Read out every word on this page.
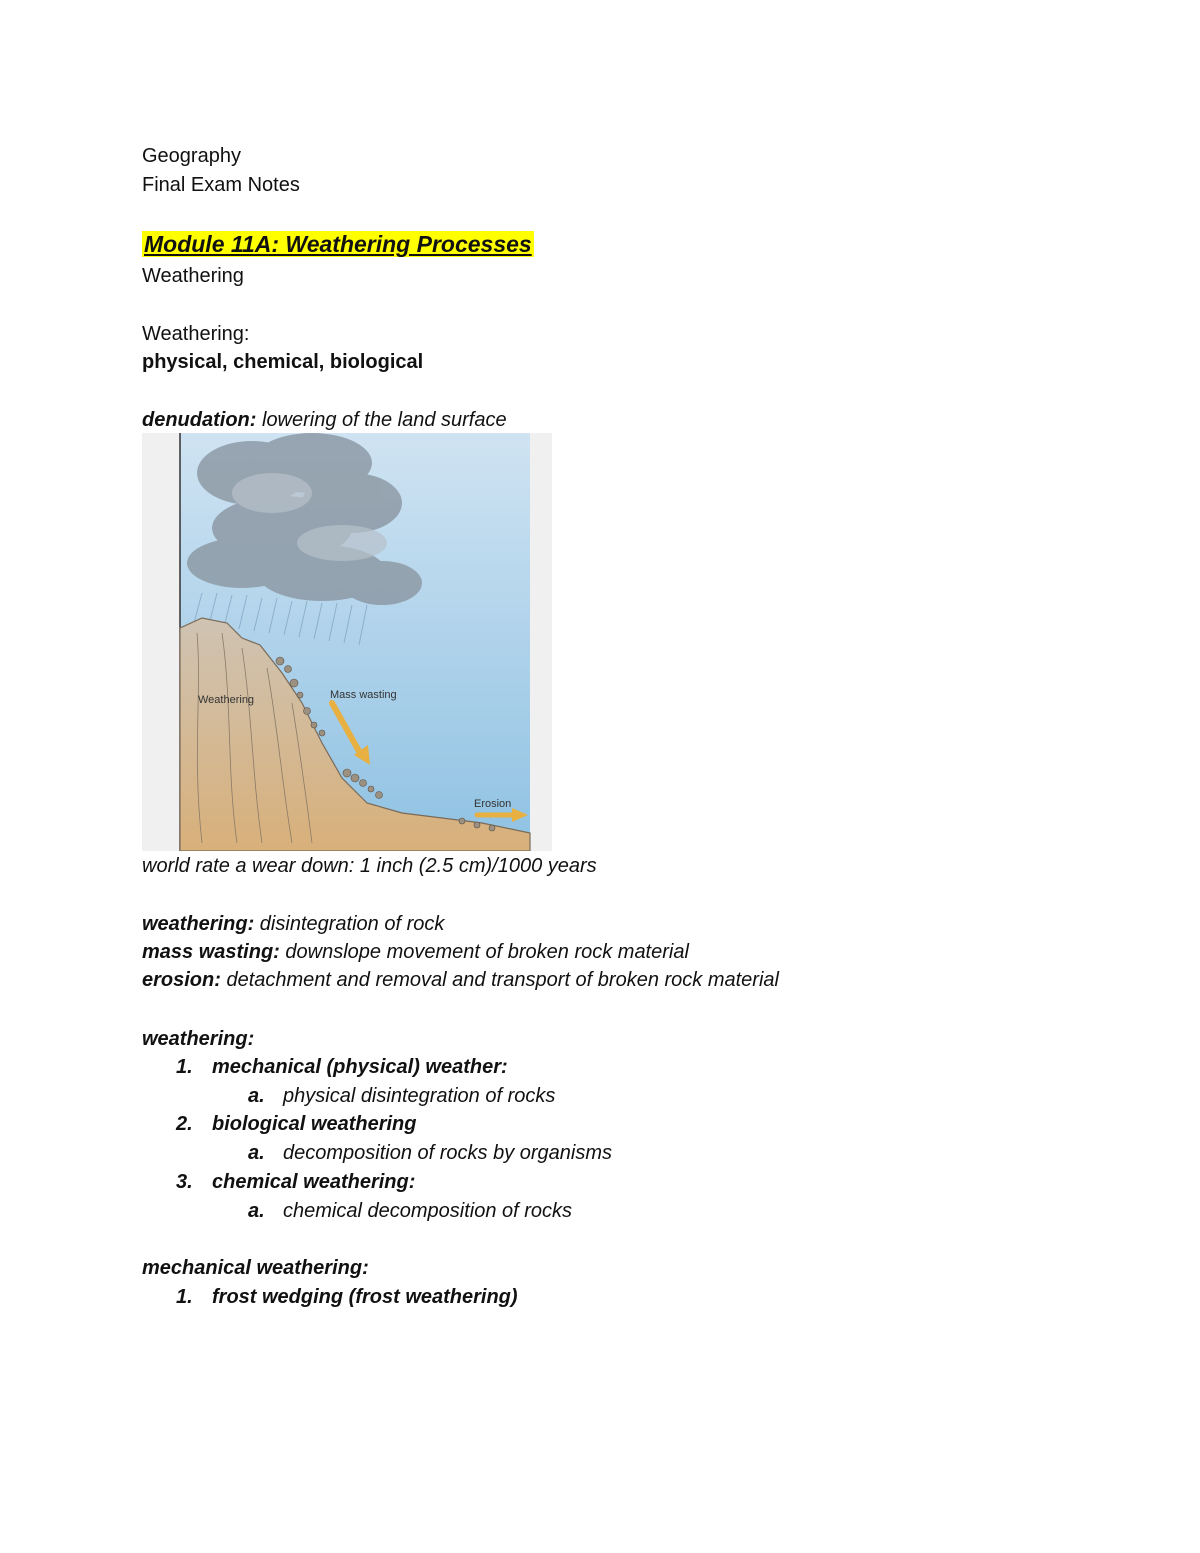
Geography
Final Exam Notes
Module 11A: Weathering Processes
Weathering
Weathering:
physical, chemical, biological
denudation: lowering of the land surface
Weathering	Mass wasting
Erosion
world rate a wear down: 1 inch (2.5 cm)/1000 years
weathering: disintegration of rock
mass wasting: downslope movement of broken rock material
erosion: detachment and removal and transport of broken rock material
weathering:
1. mechanical (physical) weather:
a. physical disintegration of rocks
2. biological weathering
a. decomposition of rocks by organisms
3. chemical weathering:
a. chemical decomposition of rocks
mechanical weathering:
1. frost wedging (frost weathering)
